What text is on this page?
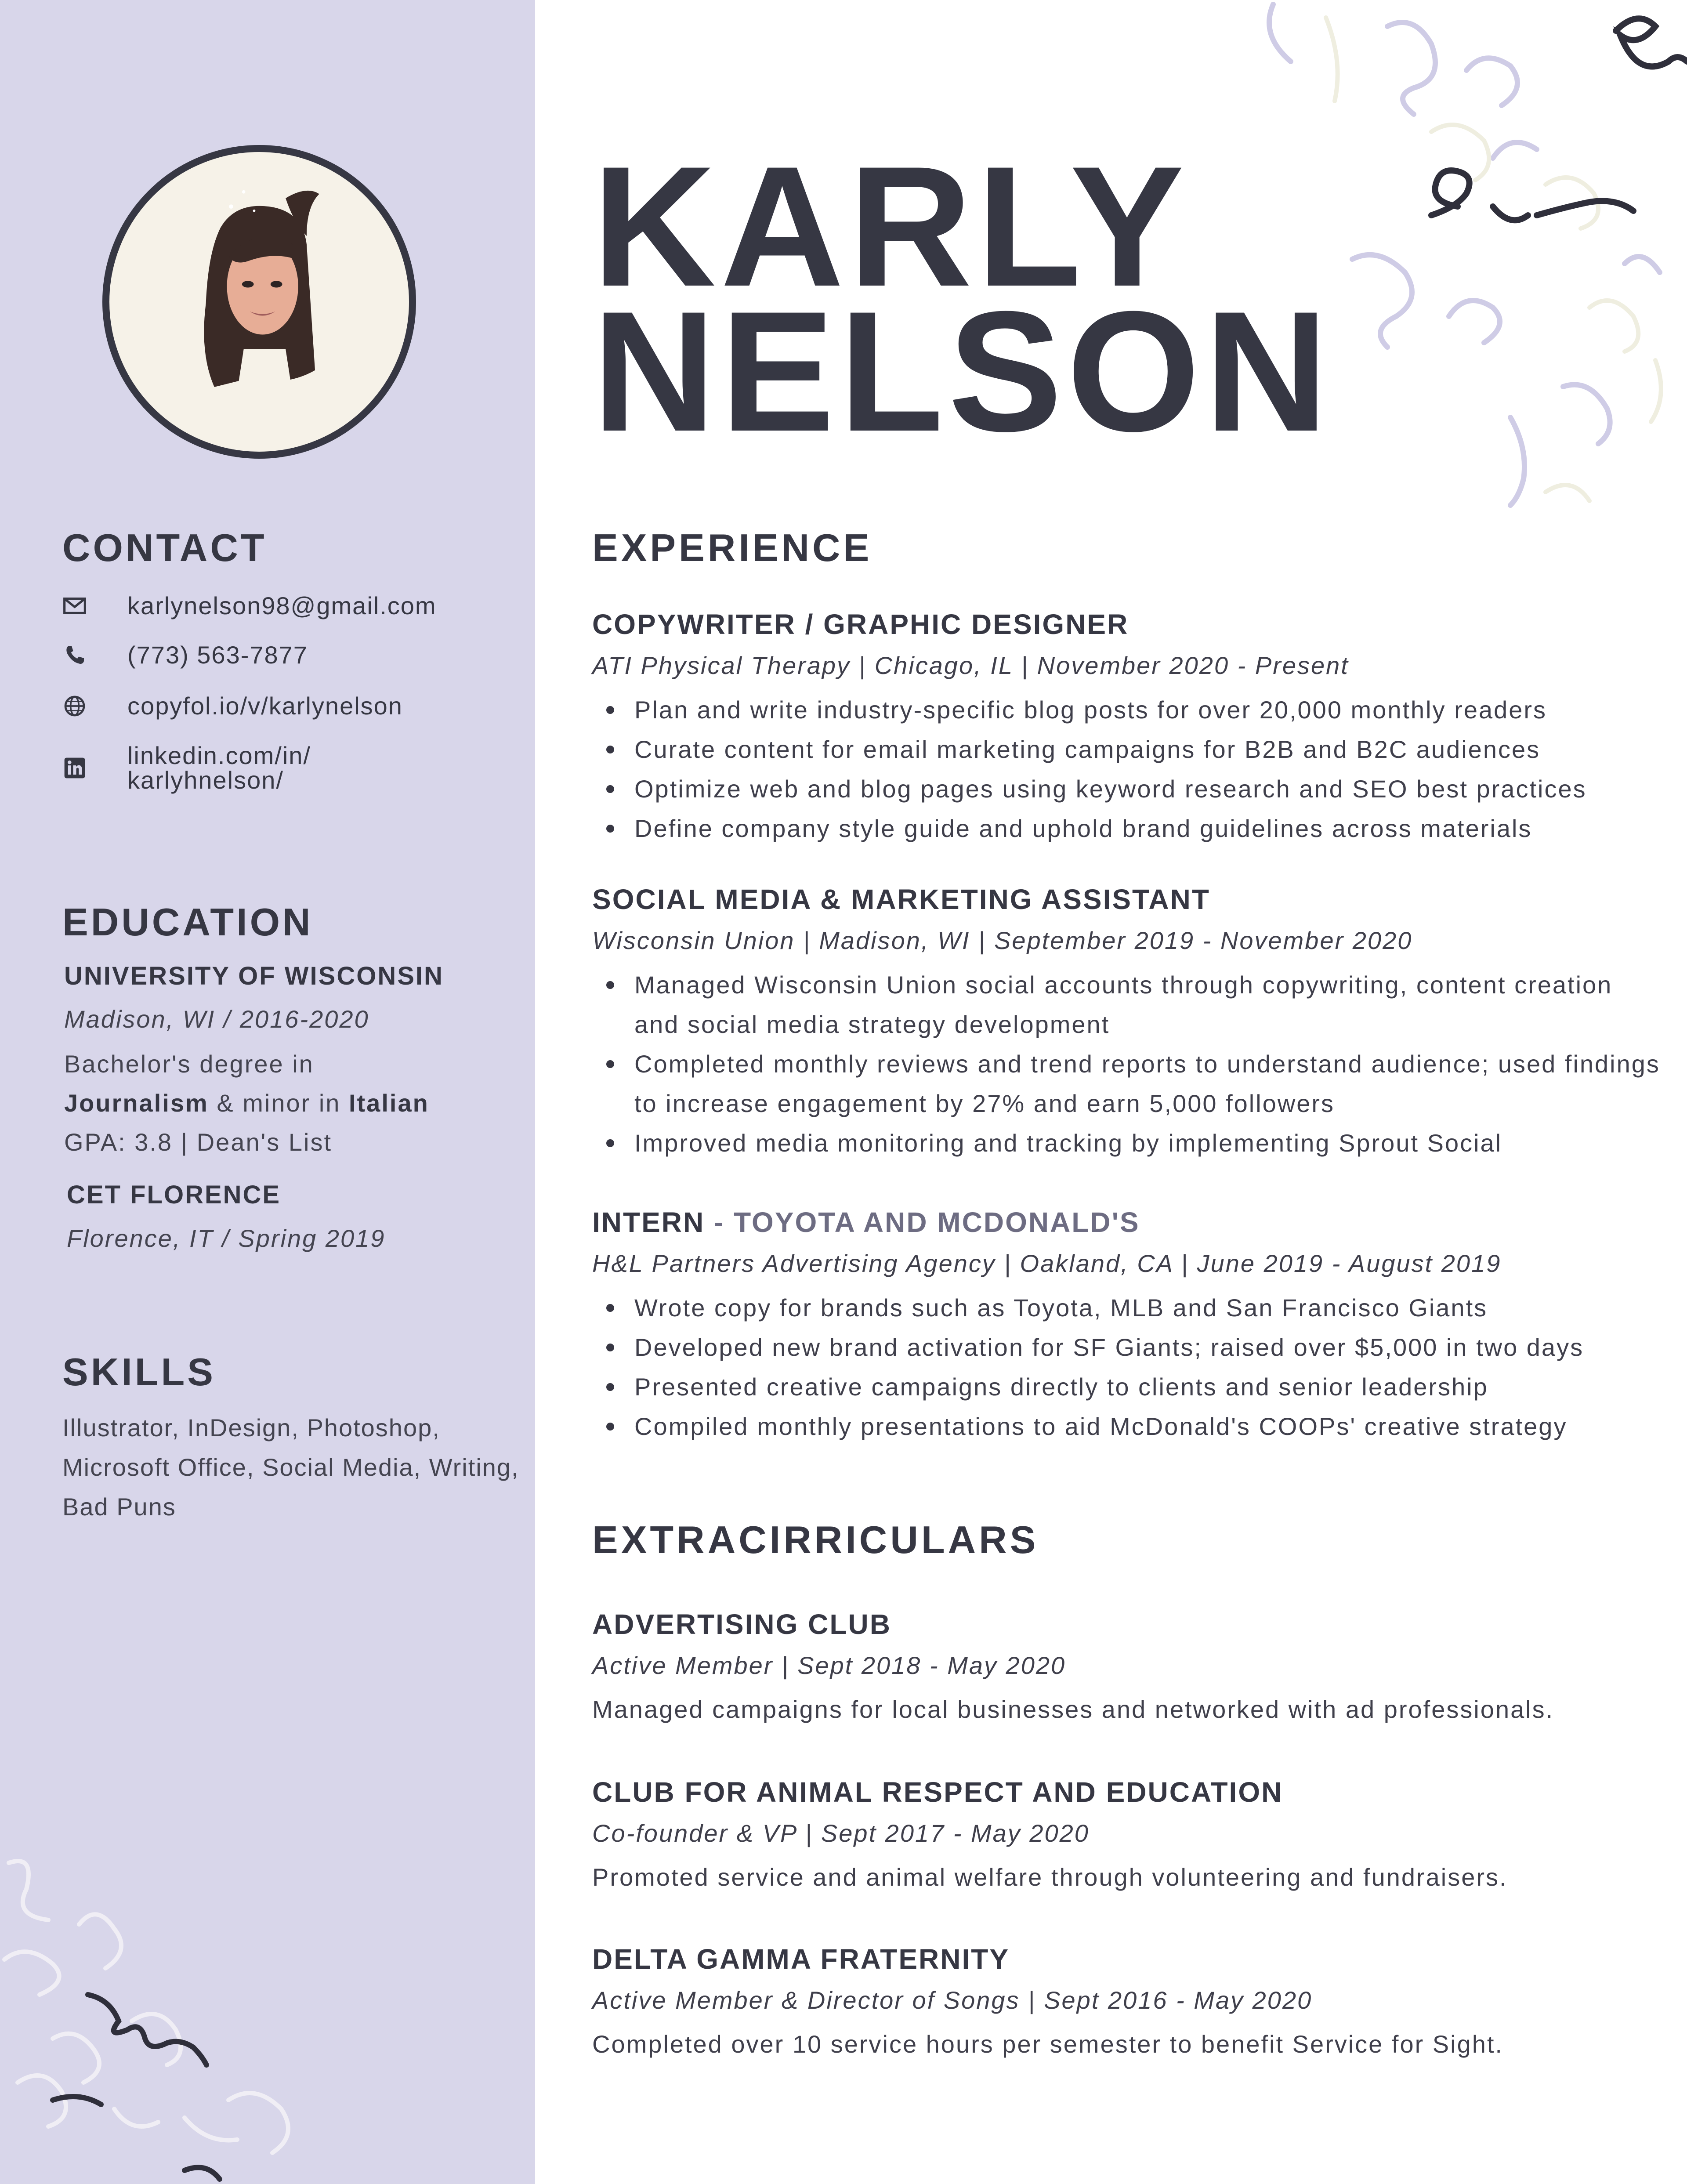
CONTACT
karlynelson98@gmail.com
(773) 563-7877
copyfol.io/v/karlynelson
linkedin.com/in/ karlyhnelson/
EDUCATION
UNIVERSITY OF WISCONSIN
Madison, WI / 2016-2020
Bachelor's degree in
Journalism & minor in Italian
GPA: 3.8 | Dean's List
CET FLORENCE
Florence, IT / Spring 2019
SKILLS
Illustrator, InDesign, Photoshop, Microsoft Office, Social Media, Writing, Bad Puns
KARLY
NELSON
EXPERIENCE
COPYWRITER / GRAPHIC DESIGNER
ATI Physical Therapy | Chicago, IL | November 2020 - Present
Plan and write industry-specific blog posts for over 20,000 monthly readers
Curate content for email marketing campaigns for B2B and B2C audiences
Optimize web and blog pages using keyword research and SEO best practices
Define company style guide and uphold brand guidelines across materials
SOCIAL MEDIA & MARKETING ASSISTANT
Wisconsin Union | Madison, WI | September 2019 - November 2020
Managed Wisconsin Union social accounts through copywriting, content creation and social media strategy development
Completed monthly reviews and trend reports to understand audience; used findings to increase engagement by 27% and earn 5,000 followers
Improved media monitoring and tracking by implementing Sprout Social
INTERN - TOYOTA AND MCDONALD'S
H&L Partners Advertising Agency | Oakland, CA | June 2019 - August 2019
Wrote copy for brands such as Toyota, MLB and San Francisco Giants
Developed new brand activation for SF Giants; raised over $5,000 in two days
Presented creative campaigns directly to clients and senior leadership
Compiled monthly presentations to aid McDonald's COOPs' creative strategy
EXTRACIRRICULARS
ADVERTISING CLUB
Active Member | Sept 2018 - May 2020
Managed campaigns for local businesses and networked with ad professionals.
CLUB FOR ANIMAL RESPECT AND EDUCATION
Co-founder & VP | Sept 2017 - May 2020
Promoted service and animal welfare through volunteering and fundraisers.
DELTA GAMMA FRATERNITY
Active Member & Director of Songs | Sept 2016 - May 2020
Completed over 10 service hours per semester to benefit Service for Sight.
